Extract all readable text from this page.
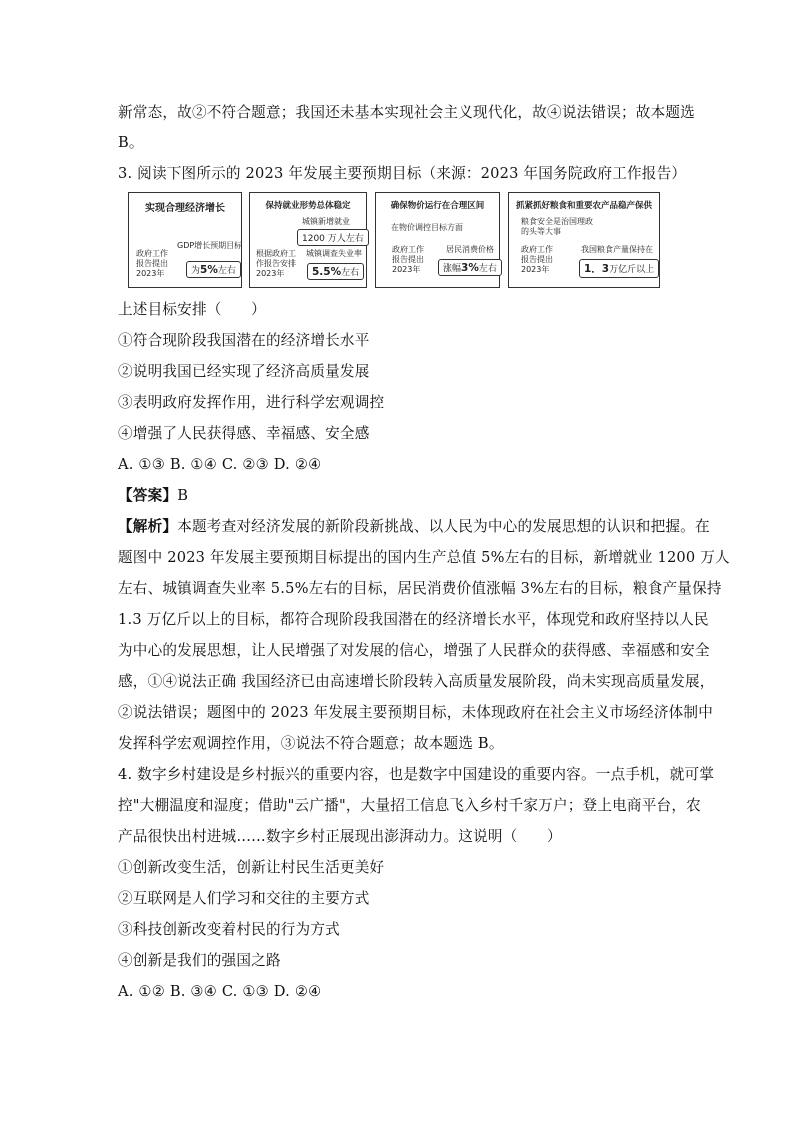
新常态，故②不符合题意；我国还未基本实现社会主义现代化，故④说法错误；故本题选
B。
3. 阅读下图所示的 2023 年发展主要预期目标（来源：2023 年国务院政府工作报告）
实现合理经济增长
政府工作
报告提出
2023年
GDP增长预期目标
为5%左右
保持就业形势总体稳定
城镇新增就业
1200 万人左右
根据政府工
作报告安排
2023年
城镇调查失业率
5.5%左右
确保物价运行在合理区间
在物价调控目标方面
政府工作
报告提出
2023年
居民消费价格
涨幅3%左右
抓紧抓好粮食和重要农产品稳产保供
粮食安全是治国理政
的头等大事
政府工作
报告提出
2023年
我国粮食产量保持在
1．3万亿斤以上
上述目标安排（　　）
①符合现阶段我国潜在的经济增长水平
②说明我国已经实现了经济高质量发展
③表明政府发挥作用，进行科学宏观调控
④增强了人民获得感、幸福感、安全感
A. ①③ B. ①④ C. ②③ D. ②④
【答案】B
【解析】本题考查对经济发展的新阶段新挑战、以人民为中心的发展思想的认识和把握。在
题图中 2023 年发展主要预期目标提出的国内生产总值 5%左右的目标，新增就业 1200 万人
左右、城镇调查失业率 5.5%左右的目标，居民消费价值涨幅 3%左右的目标，粮食产量保持
1.3 万亿斤以上的目标，都符合现阶段我国潜在的经济增长水平，体现党和政府坚持以人民
为中心的发展思想，让人民增强了对发展的信心，增强了人民群众的获得感、幸福感和安全
感，①④说法正确 我国经济已由高速增长阶段转入高质量发展阶段，尚未实现高质量发展，
②说法错误；题图中的 2023 年发展主要预期目标，未体现政府在社会主义市场经济体制中
发挥科学宏观调控作用，③说法不符合题意；故本题选 B。
4. 数字乡村建设是乡村振兴的重要内容，也是数字中国建设的重要内容。一点手机，就可掌
控"大棚温度和湿度；借助"云广播"，大量招工信息飞入乡村千家万户；登上电商平台，农
产品很快出村进城……数字乡村正展现出澎湃动力。这说明（　　）
①创新改变生活，创新让村民生活更美好
②互联网是人们学习和交往的主要方式
③科技创新改变着村民的行为方式
④创新是我们的强国之路
A. ①② B. ③④ C. ①③ D. ②④
